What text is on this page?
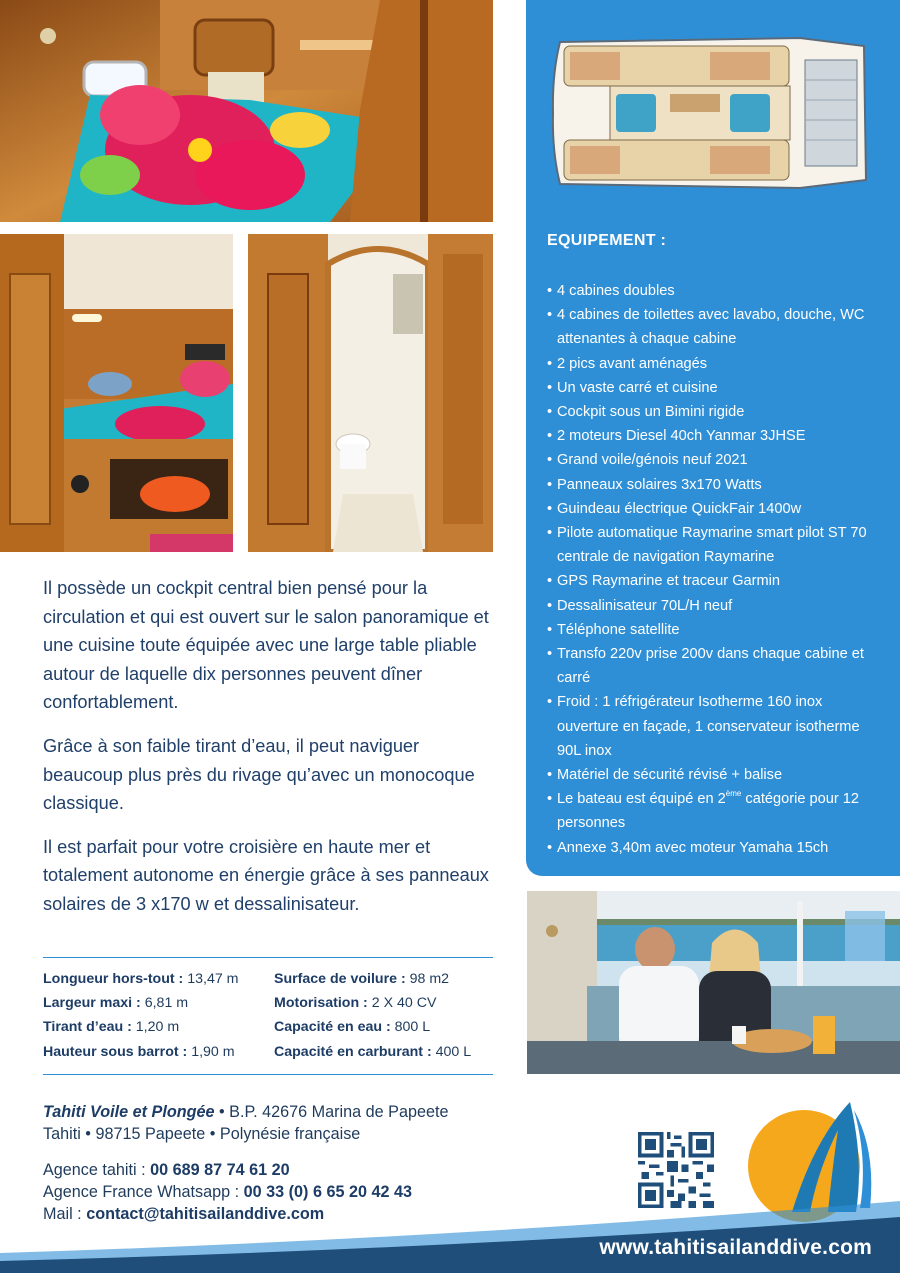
EQUIPEMENT :
• 4 cabines doubles
• 4 cabines de toilettes avec lavabo, douche, WC attenantes à chaque cabine
• 2 pics avant aménagés
• Un vaste carré et cuisine
• Cockpit sous un Bimini rigide
• 2 moteurs Diesel 40ch Yanmar 3JHSE
• Grand voile/génois neuf 2021
• Panneaux solaires 3x170 Watts
• Guindeau électrique QuickFair 1400w
• Pilote automatique Raymarine smart pilot ST 70 centrale de navigation Raymarine
• GPS Raymarine et traceur Garmin
• Dessalinisateur 70L/H neuf
• Téléphone satellite
• Transfo 220v prise 200v dans chaque cabine et carré
• Froid : 1 réfrigérateur Isotherme 160 inox ouverture en façade, 1 conservateur isotherme 90L inox
• Matériel de sécurité révisé + balise
• Le bateau est équipé en 2ème catégorie pour 12 personnes
• Annexe 3,40m avec moteur Yamaha 15ch

Il possède un cockpit central bien pensé pour la circulation et qui est ouvert sur le salon panoramique et une cuisine toute équipée avec une large table pliable autour de laquelle dix personnes peuvent dîner confortablement.

Grâce à son faible tirant d’eau, il peut naviguer beaucoup plus près du rivage qu’avec un monocoque classique.

Il est parfait pour votre croisière en haute mer et totalement autonome en énergie grâce à ses panneaux solaires de 3 x170 w et dessalinisateur.

Longueur hors-tout : 13,47 m	Surface de voilure : 98 m2
Largeur maxi : 6,81 m	Motorisation : 2 X 40 CV
Tirant d’eau : 1,20 m	Capacité en eau : 800 L
Hauteur sous barrot : 1,90 m	Capacité en carburant : 400 L
Tahiti Voile et Plongée • B.P. 42676 Marina de Papeete
Tahiti • 98715 Papeete • Polynésie française
Agence tahiti : 00 689 87 74 61 20
Agence France Whatsapp : 00 33 (0) 6 65 20 42 43
Mail : contact@tahitisailanddive.com
www.tahitisailanddive.com
